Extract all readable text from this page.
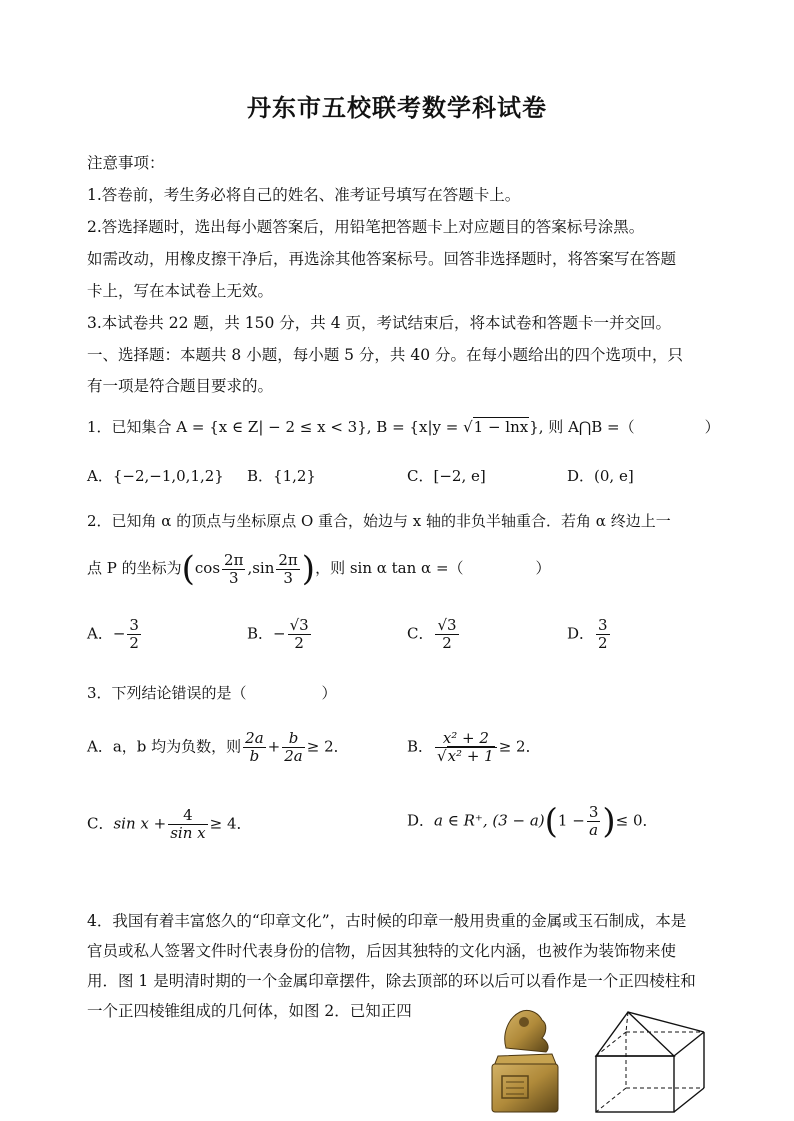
丹东市五校联考数学科试卷
注意事项：
1.答卷前，考生务必将自己的姓名、准考证号填写在答题卡上。
2.答选择题时，选出每小题答案后，用铅笔把答题卡上对应题目的答案标号涂黑。
如需改动，用橡皮擦干净后，再选涂其他答案标号。回答非选择题时，将答案写在答题
卡上，写在本试卷上无效。
3.本试卷共 22 题，共 150 分，共 4 页，考试结束后，将本试卷和答题卡一并交回。
一、选择题：本题共 8 小题，每小题 5 分，共 40 分。在每小题给出的四个选项中，只
有一项是符合题目要求的。
1．已知集合 A = {x ∈ Z| − 2 ≤ x < 3}, B = {x|y = √1 − lnx}, 则 A⋂B =（	）
A．{−2,−1,0,1,2} B．{1,2}	C．[−2, e]	D．(0, e]
2．已知角 α 的顶点与坐标原点 O 重合，始边与 x 轴的非负半轴重合．若角 α 终边上一
点 P 的坐标为($\cos \frac{2\pi}{3} ,\sin \frac{2\pi}{3}$ )，则 sin α tan α =（	）
A．− $\frac{3}{2}$	B．− $\frac{√3}{2}$	C． $\frac{√3}{2}$	D． $\frac{3}{2}$
3．下列结论错误的是（　　　　　）
A．a，b 均为负数，则 $\frac{2a}{b} + \frac{b}{2a} \ge 2$．	B． $\frac{\text{x² + 2}}{\text{√x² + 1}} \ge 2$．
C．$\sin x + \frac{4}{\text{sin x}} \ge 4$．	D．a ∈ R⁺, $(3 - a)(1 - \frac{3}{a}$ )≤ 0．
4．我国有着丰富悠久的“印章文化”，古时候的印章一般用贵重的金属或玉石制成，本是官员或私人签署文件时代表身份的信物，后因其独特的文化内涵，也被作为装饰物来使用．图 1 是明清时期的一个金属印章摆件，除去顶部的环以后可以看作是一个正四棱柱和一个正四棱锥组成的几何体，如图 2．已知正四
